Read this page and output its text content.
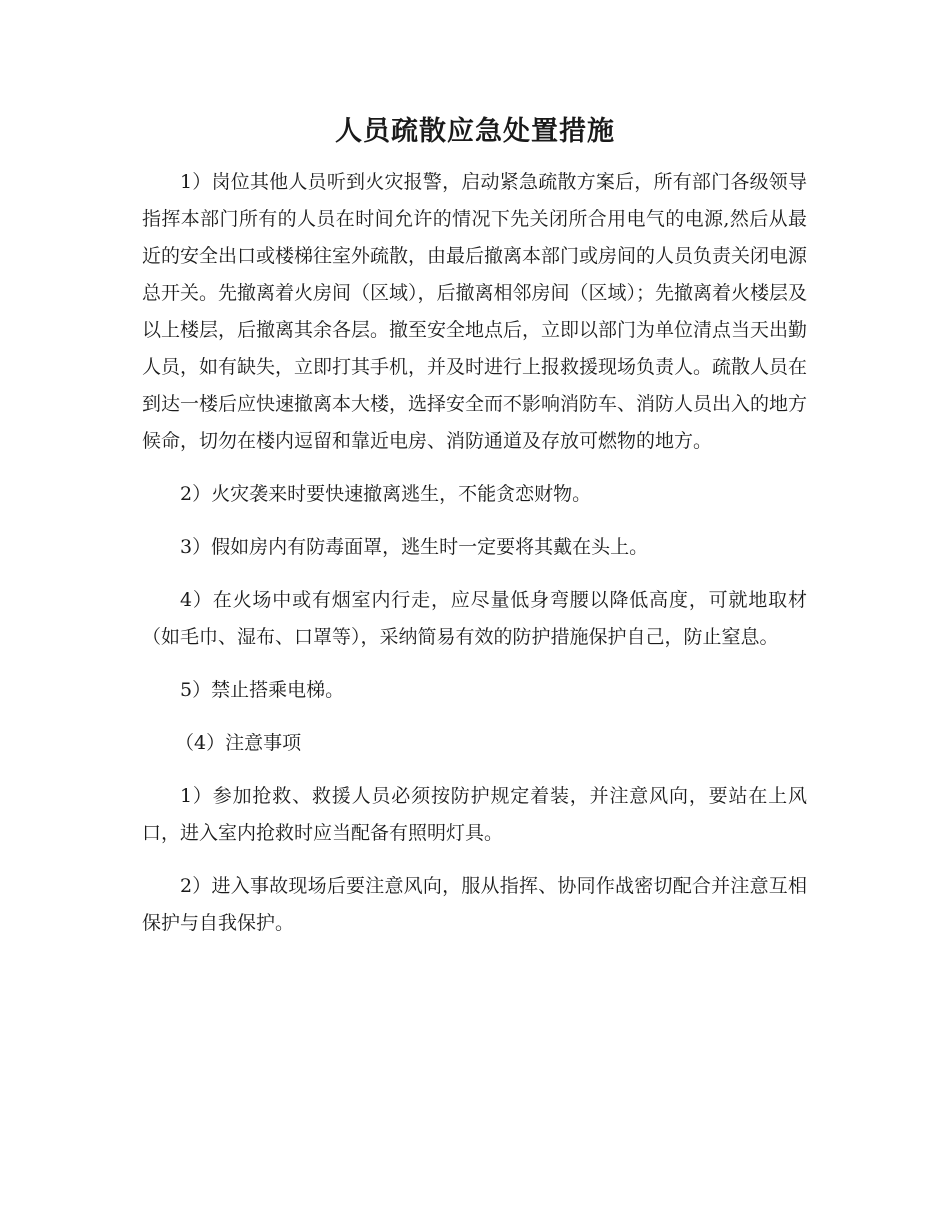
人员疏散应急处置措施

1）岗位其他人员听到火灾报警，启动紧急疏散方案后，所有部门各级领导指挥本部门所有的人员在时间允许的情况下先关闭所合用电气的电源,然后从最近的安全出口或楼梯往室外疏散，由最后撤离本部门或房间的人员负责关闭电源总开关。先撤离着火房间（区域），后撤离相邻房间（区域）；先撤离着火楼层及以上楼层，后撤离其余各层。撤至安全地点后，立即以部门为单位清点当天出勤人员，如有缺失，立即打其手机，并及时进行上报救援现场负责人。疏散人员在到达一楼后应快速撤离本大楼，选择安全而不影响消防车、消防人员出入的地方候命，切勿在楼内逗留和靠近电房、消防通道及存放可燃物的地方。

2）火灾袭来时要快速撤离逃生，不能贪恋财物。

3）假如房内有防毒面罩，逃生时一定要将其戴在头上。

4）在火场中或有烟室内行走，应尽量低身弯腰以降低高度，可就地取材（如毛巾、湿布、口罩等），采纳简易有效的防护措施保护自己，防止窒息。

5）禁止搭乘电梯。

（4）注意事项

1）参加抢救、救援人员必须按防护规定着装，并注意风向，要站在上风口，进入室内抢救时应当配备有照明灯具。

2）进入事故现场后要注意风向，服从指挥、协同作战密切配合并注意互相保护与自我保护。
